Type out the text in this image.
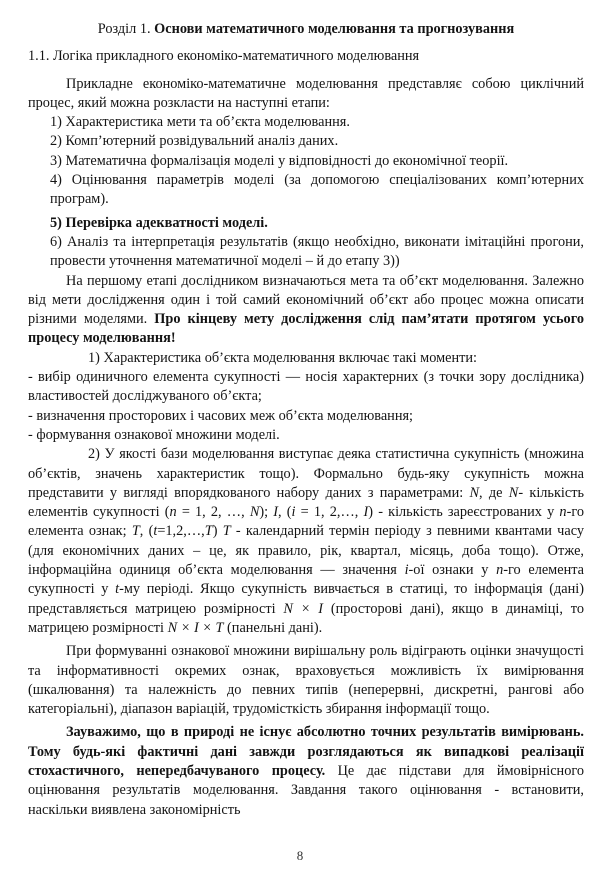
Розділ 1. Основи математичного моделювання та прогнозування
1.1. Логіка прикладного економіко-математичного моделювання

Прикладне економіко-математичне моделювання представляє собою циклічний процес, який можна розкласти на наступні етапи:

1) Характеристика мети та об’єкта моделювання.

2) Комп’ютерний розвідувальний аналіз даних.

3) Математична формалізація моделі у відповідності до економічної теорії.

4) Оцінювання параметрів моделі (за допомогою спеціалізованих комп’ютерних програм).

5) Перевірка адекватності моделі.

6) Аналіз та інтерпретація результатів (якщо необхідно, виконати імітаційні прогони, провести уточнення математичної моделі – й до етапу 3))

На першому етапі дослідником визначаються мета та об’єкт моделювання. Залежно від мети дослідження один і той самий економічний об’єкт або процес можна описати різними моделями. Про кінцеву мету дослідження слід пам’ятати протягом усього процесу моделювання!

1) Характеристика об’єкта моделювання включає такі моменти:

- вибір одиничного елемента сукупності — носія характерних (з точки зору дослідника) властивостей досліджуваного об’єкта;

- визначення просторових і часових меж об’єкта моделювання;

- формування ознакової множини моделі.

2) У якості бази моделювання виступає деяка статистична сукупність (множина об’єктів, значень характеристик тощо). Формально будь-яку сукупність можна представити у вигляді впорядкованого набору даних з параметрами: N, де N- кількість елементів сукупності (n = 1, 2, …, N); I, (i = 1, 2,…, I) - кількість зареєстрованих у n-го елемента ознак; T, (t=1,2,…,T) T - календарний термін періоду з певними квантами часу (для економічних даних – це, як правило, рік, квартал, місяць, доба тощо). Отже, інформаційна одиниця об’єкта моделювання — значення i-ої ознаки у n-го елемента сукупності у t-му періоді. Якщо сукупність вивчається в статиці, то інформація (дані) представляється матрицею розмірності N × I (просторові дані), якщо в динаміці, то матрицею розмірності N × I × T (панельні дані).

При формуванні ознакової множини вирішальну роль відіграють оцінки значущості та інформативності окремих ознак, враховується можливість їх вимірювання (шкалювання) та належність до певних типів (неперервні, дискретні, рангові або категоріальні), діапазон варіацій, трудомісткість збирання інформації тощо.

Зауважимо, що в природі не існує абсолютно точних результатів вимірювань. Тому будь-які фактичні дані завжди розглядаються як випадкові реалізації стохастичного, непередбачуваного процесу. Це дає підстави для ймовірнісного оцінювання результатів моделювання. Завдання такого оцінювання - встановити, наскільки виявлена закономірність

8
